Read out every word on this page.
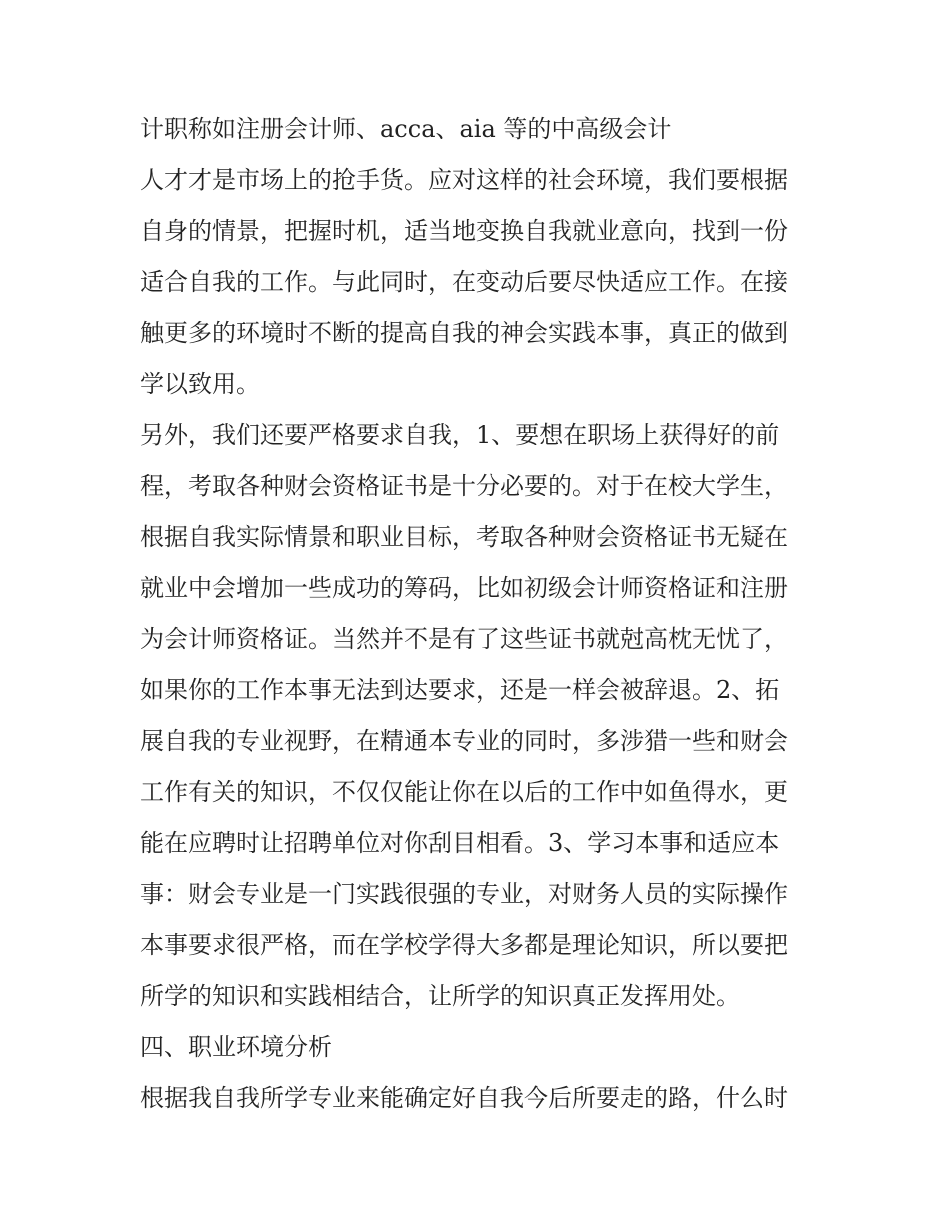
计职称如注册会计师、acca、aia 等的中高级会计

人才才是市场上的抢手货。应对这样的社会环境，我们要根据

自身的情景，把握时机，适当地变换自我就业意向，找到一份

适合自我的工作。与此同时，在变动后要尽快适应工作。在接

触更多的环境时不断的提高自我的神会实践本事，真正的做到

学以致用。

另外，我们还要严格要求自我，1、要想在职场上获得好的前

程，考取各种财会资格证书是十分必要的。对于在校大学生，

根据自我实际情景和职业目标，考取各种财会资格证书无疑在

就业中会增加一些成功的筹码，比如初级会计师资格证和注册

为会计师资格证。当然并不是有了这些证书就尅高枕无忧了，

如果你的工作本事无法到达要求，还是一样会被辞退。2、拓

展自我的专业视野，在精通本专业的同时，多涉猎一些和财会

工作有关的知识，不仅仅能让你在以后的工作中如鱼得水，更

能在应聘时让招聘单位对你刮目相看。3、学习本事和适应本

事：财会专业是一门实践很强的专业，对财务人员的实际操作

本事要求很严格，而在学校学得大多都是理论知识，所以要把

所学的知识和实践相结合，让所学的知识真正发挥用处。

四、职业环境分析

根据我自我所学专业来能确定好自我今后所要走的路，什么时
